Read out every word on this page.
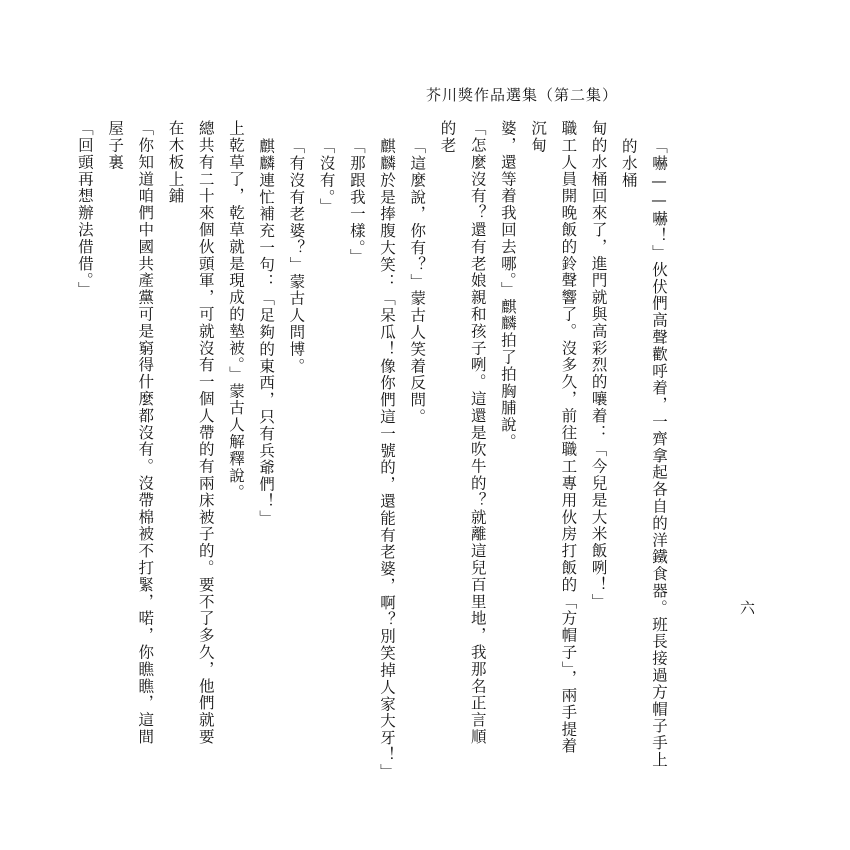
芥川獎作品選集（第二集）
「回頭再想辦法借借。」	「你知道咱們中國共產黨可是窮得什麼都沒有。沒帶棉被不打緊，喏，你瞧瞧，這間屋子裏	總共有二十來個伙頭軍，可就沒有一個人帶的有兩床被子的。要不了多久，他們就要在木板上鋪	上乾草了，乾草就是現成的墊被。」蒙古人解釋說。 麒麟連忙補充一句：「足夠的東西，只有兵爺們！」 「有沒有老婆？」蒙古人問博。 「沒有。」 「那跟我一樣。」 麒麟於是捧腹大笑：「呆瓜！像你們這一號的，還能有老婆，啊？別笑掉人家大牙！」 「這麼說，你有？」蒙古人笑着反問。	「怎麼沒有？還有老娘親和孩子咧。這還是吹牛的？就離這兒百里地，我那名正言順的老	婆，還等着我回去哪。」麒麟拍了拍胸脯說。	職工人員開晚飯的鈴聲響了。沒多久，前往職工專用伙房打飯的「方帽子」，兩手提着沉甸	甸的水桶回來了，進門就與高彩烈的嚷着：「今兒是大米飯咧！」	「嚇——嚇！」伙伏們高聲歡呼着，一齊拿起各自的洋鐵食器。班長接過方帽子手上的水桶
六
